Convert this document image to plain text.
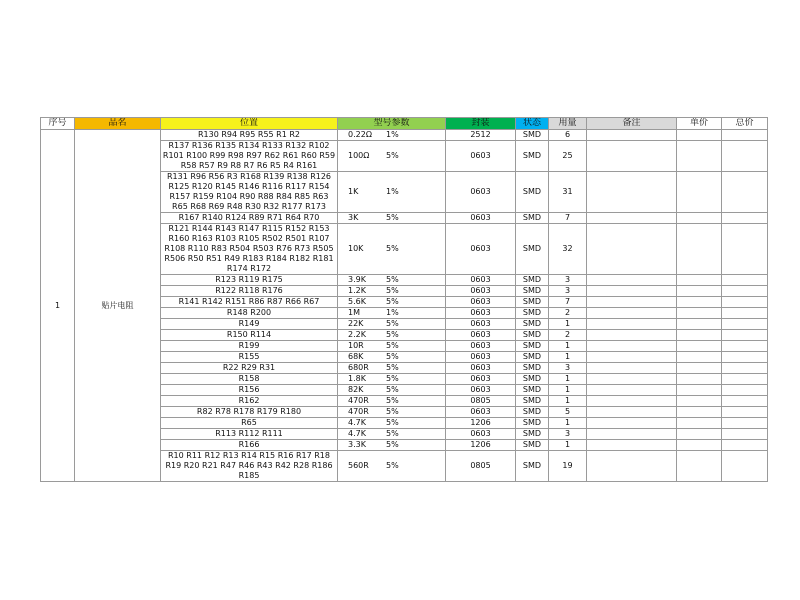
序号	品名	位置	型号参数	封装	状态	用量	备注	单价	总价
1	贴片电阻	R130 R94 R95 R55 R1 R2	0.22Ω 1%	2512	SMD	6			
		R137 R136 R135 R134 R133 R132 R102 R101 R100 R99 R98 R97 R62 R61 R60 R59 R58 R57 R9 R8 R7 R6 R5 R4 R161	100Ω 5%	0603	SMD	25			
		R131 R96 R56 R3 R168 R139 R138 R126 R125 R120 R145 R146 R116 R117 R154 R157 R159 R104 R90 R88 R84 R85 R63 R65 R68 R69 R48 R30 R32 R177 R173	1K 1%	0603	SMD	31			
		R167 R140 R124 R89 R71 R64 R70	3K 5%	0603	SMD	7			
		R121 R144 R143 R147 R115 R152 R153 R160 R163 R103 R105 R502 R501 R107 R108 R110 R83 R504 R503 R76 R73 R505 R506 R50 R51 R49 R183 R184 R182 R181 R174 R172	10K 5%	0603	SMD	32			
		R123 R119 R175	3.9K 5%	0603	SMD	3			
		R122 R118 R176	1.2K 5%	0603	SMD	3			
		R141 R142 R151 R86 R87 R66 R67	5.6K 5%	0603	SMD	7			
		R148 R200	1M 1%	0603	SMD	2			
		R149	22K 5%	0603	SMD	1			
		R150 R114	2.2K 5%	0603	SMD	2			
		R199	10R 5%	0603	SMD	1			
		R155	68K 5%	0603	SMD	1			
		R22 R29 R31	680R 5%	0603	SMD	3			
		R158	1.8K 5%	0603	SMD	1			
		R156	82K 5%	0603	SMD	1			
		R162	470R 5%	0805	SMD	1			
		R82 R78 R178 R179 R180	470R 5%	0603	SMD	5			
		R65	4.7K 5%	1206	SMD	1			
		R113 R112 R111	4.7K 5%	0603	SMD	3			
		R166	3.3K 5%	1206	SMD	1			
		R10 R11 R12 R13 R14 R15 R16 R17 R18 R19 R20 R21 R47 R46 R43 R42 R28 R186 R185	560R 5%	0805	SMD	19			
